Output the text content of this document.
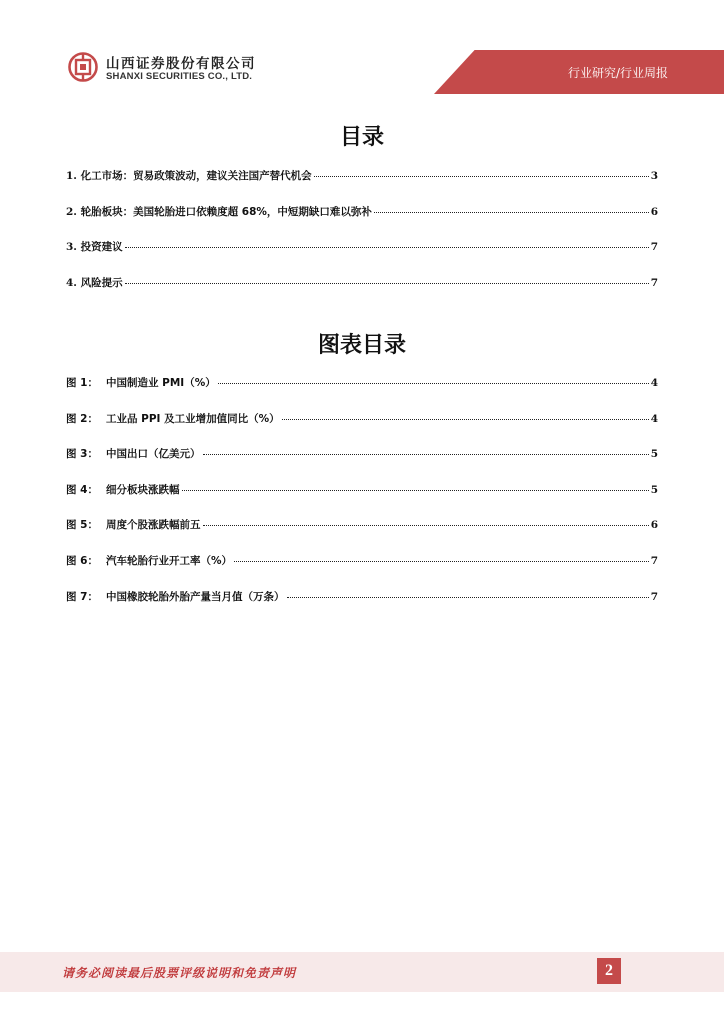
山西证券股份有限公司
SHANXI SECURITIES CO., LTD.	行业研究/行业周报
目录
1. 化工市场：贸易政策波动，建议关注国产替代机会	3
2. 轮胎板块：美国轮胎进口依赖度超 68%，中短期缺口难以弥补	6
3. 投资建议	7
4. 风险提示	7
图表目录
图 1： 中国制造业 PMI（%）	4
图 2： 工业品 PPI 及工业增加值同比（%）	4
图 3： 中国出口（亿美元）	5
图 4： 细分板块涨跌幅	5
图 5： 周度个股涨跌幅前五	6
图 6： 汽车轮胎行业开工率（%）	7
图 7： 中国橡胶轮胎外胎产量当月值（万条）	7
请务必阅读最后股票评级说明和免责声明	2
